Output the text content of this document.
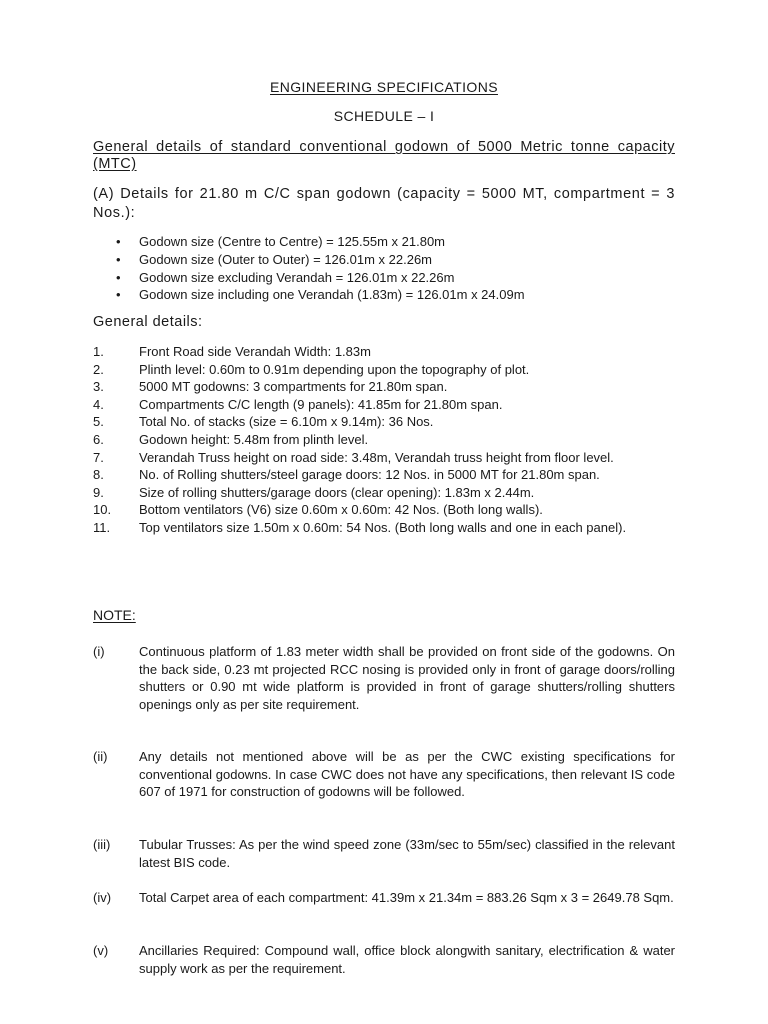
ENGINEERING SPECIFICATIONS

SCHEDULE – I

General details of standard conventional godown of 5000 Metric tonne capacity (MTC)

(A) Details for 21.80 m C/C span godown (capacity = 5000 MT, compartment = 3 Nos.):

• Godown size (Centre to Centre) = 125.55m x 21.80m
• Godown size (Outer to Outer) = 126.01m x 22.26m
• Godown size excluding Verandah = 126.01m x 22.26m
• Godown size including one Verandah (1.83m) = 126.01m x 24.09m

General details:

1.	Front Road side Verandah Width: 1.83m
2.	Plinth level: 0.60m to 0.91m depending upon the topography of plot.
3.	5000 MT godowns: 3 compartments for 21.80m span.
4.	Compartments C/C length (9 panels): 41.85m for 21.80m span.
5.	Total No. of stacks (size = 6.10m x 9.14m): 36 Nos.
6.	Godown height: 5.48m from plinth level.
7.	Verandah Truss height on road side: 3.48m, Verandah truss height from floor level.
8.	No. of Rolling shutters/steel garage doors: 12 Nos. in 5000 MT for 21.80m span.
9.	Size of rolling shutters/garage doors (clear opening): 1.83m x 2.44m.
10.	Bottom ventilators (V6) size 0.60m x 0.60m: 42 Nos. (Both long walls).
11.	Top ventilators size 1.50m x 0.60m: 54 Nos. (Both long walls and one in each panel).

NOTE:

(i)	Continuous platform of 1.83 meter width shall be provided on front side of the godowns. On the back side, 0.23 mt projected RCC nosing is provided only in front of garage doors/rolling shutters or 0.90 mt wide platform is provided in front of garage shutters/rolling shutters openings only as per site requirement.
(ii) Any details not mentioned above will be as per the CWC existing specifications for conventional godowns. In case CWC does not have any specifications, then relevant IS code 607 of 1971 for construction of godowns will be followed.
(iii) Tubular Trusses: As per the wind speed zone (33m/sec to 55m/sec) classified in the relevant latest BIS code.
(iv) Total Carpet area of each compartment: 41.39m x 21.34m = 883.26 Sqm x 3 = 2649.78 Sqm.
(v) Ancillaries Required: Compound wall, office block alongwith sanitary, electrification & water supply work as per the requirement.
